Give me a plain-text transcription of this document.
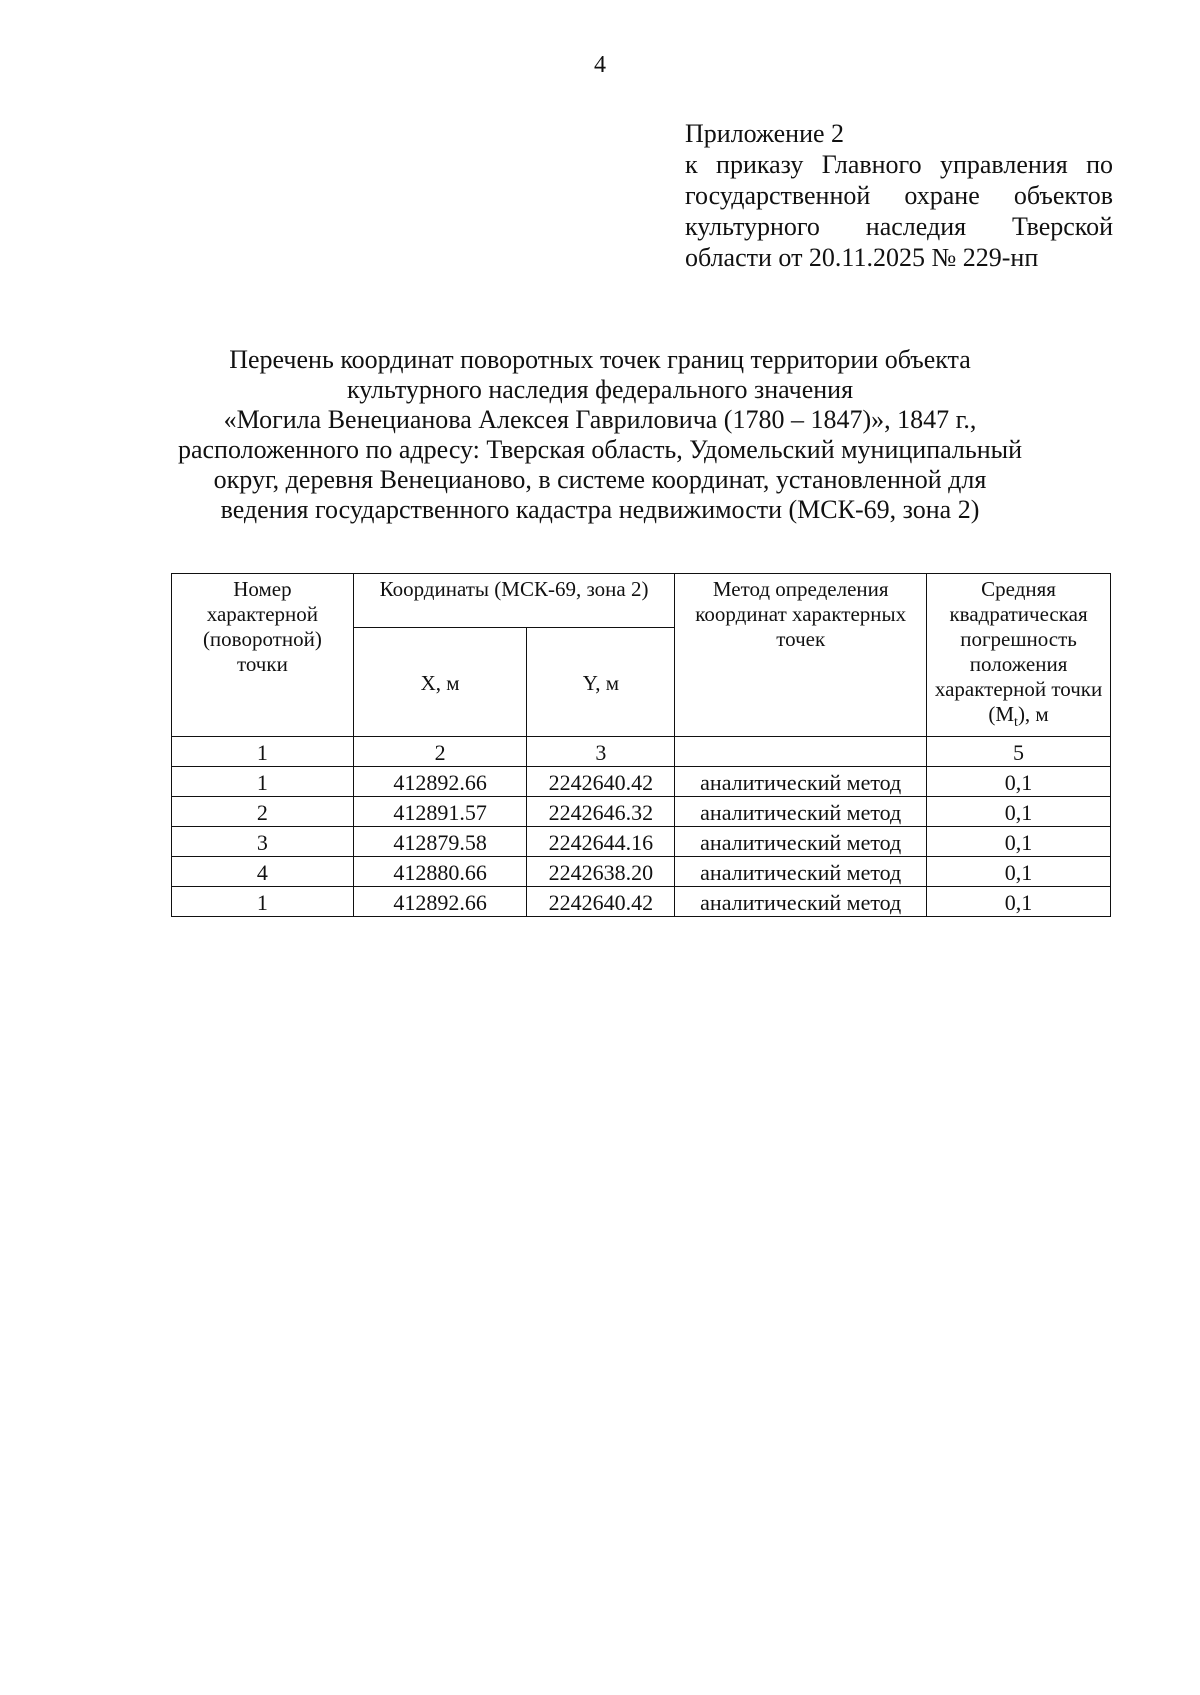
4
Приложение 2
к приказу Главного управления по государственной охране объектов культурного наследия Тверской области от 20.11.2025 № 229-нп
Перечень координат поворотных точек границ территории объекта
культурного наследия федерального значения
«Могила Венецианова Алексея Гавриловича (1780 – 1847)», 1847 г.,
расположенного по адресу: Тверская область, Удомельский муниципальный
округ, деревня Венецианово, в системе координат, установленной для
ведения государственного кадастра недвижимости (МСК-69, зона 2)
Номер характерной (поворотной) точки	Координаты (МСК-69, зона 2)		Метод определения координат характерных точек	Средняя квадратическая погрешность положения характерной точки $(M_t)$, м
	X, м	Y, м		
1	2	3		5
1	412892.66	2242640.42	аналитический метод	0,1
2	412891.57	2242646.32	аналитический метод	0,1
3	412879.58	2242644.16	аналитический метод	0,1
4	412880.66	2242638.20	аналитический метод	0,1
1	412892.66	2242640.42	аналитический метод	0,1
